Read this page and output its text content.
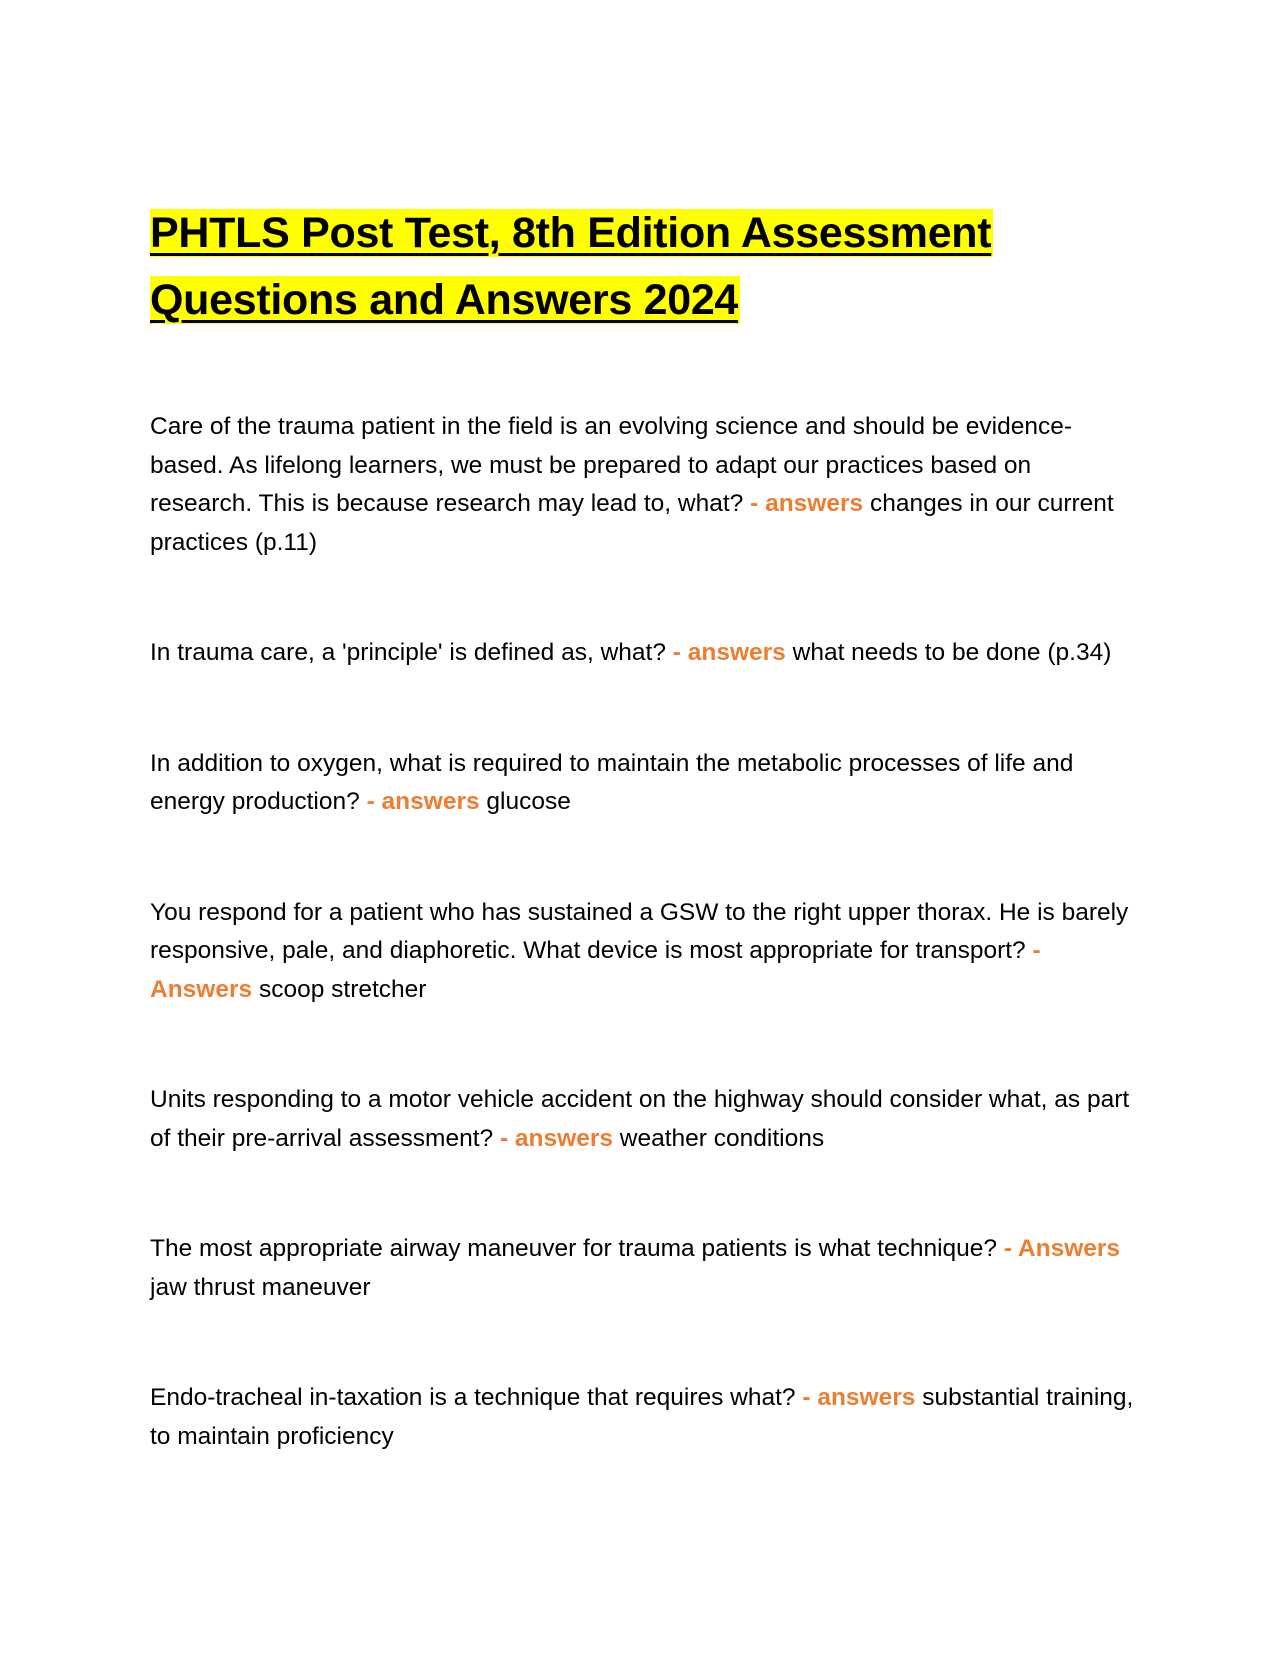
PHTLS Post Test, 8th Edition Assessment
Questions and Answers 2024

Care of the trauma patient in the field is an evolving science and should be evidence-based. As lifelong learners, we must be prepared to adapt our practices based on research. This is because research may lead to, what? - answers changes in our current practices (p.11)

In trauma care, a 'principle' is defined as, what? - answers what needs to be done (p.34)

In addition to oxygen, what is required to maintain the metabolic processes of life and energy production? - answers glucose

You respond for a patient who has sustained a GSW to the right upper thorax. He is barely responsive, pale, and diaphoretic. What device is most appropriate for transport? - Answers scoop stretcher

Units responding to a motor vehicle accident on the highway should consider what, as part of their pre-arrival assessment? - answers weather conditions

The most appropriate airway maneuver for trauma patients is what technique? - Answers jaw thrust maneuver

Endo-tracheal in-taxation is a technique that requires what? - answers substantial training, to maintain proficiency
